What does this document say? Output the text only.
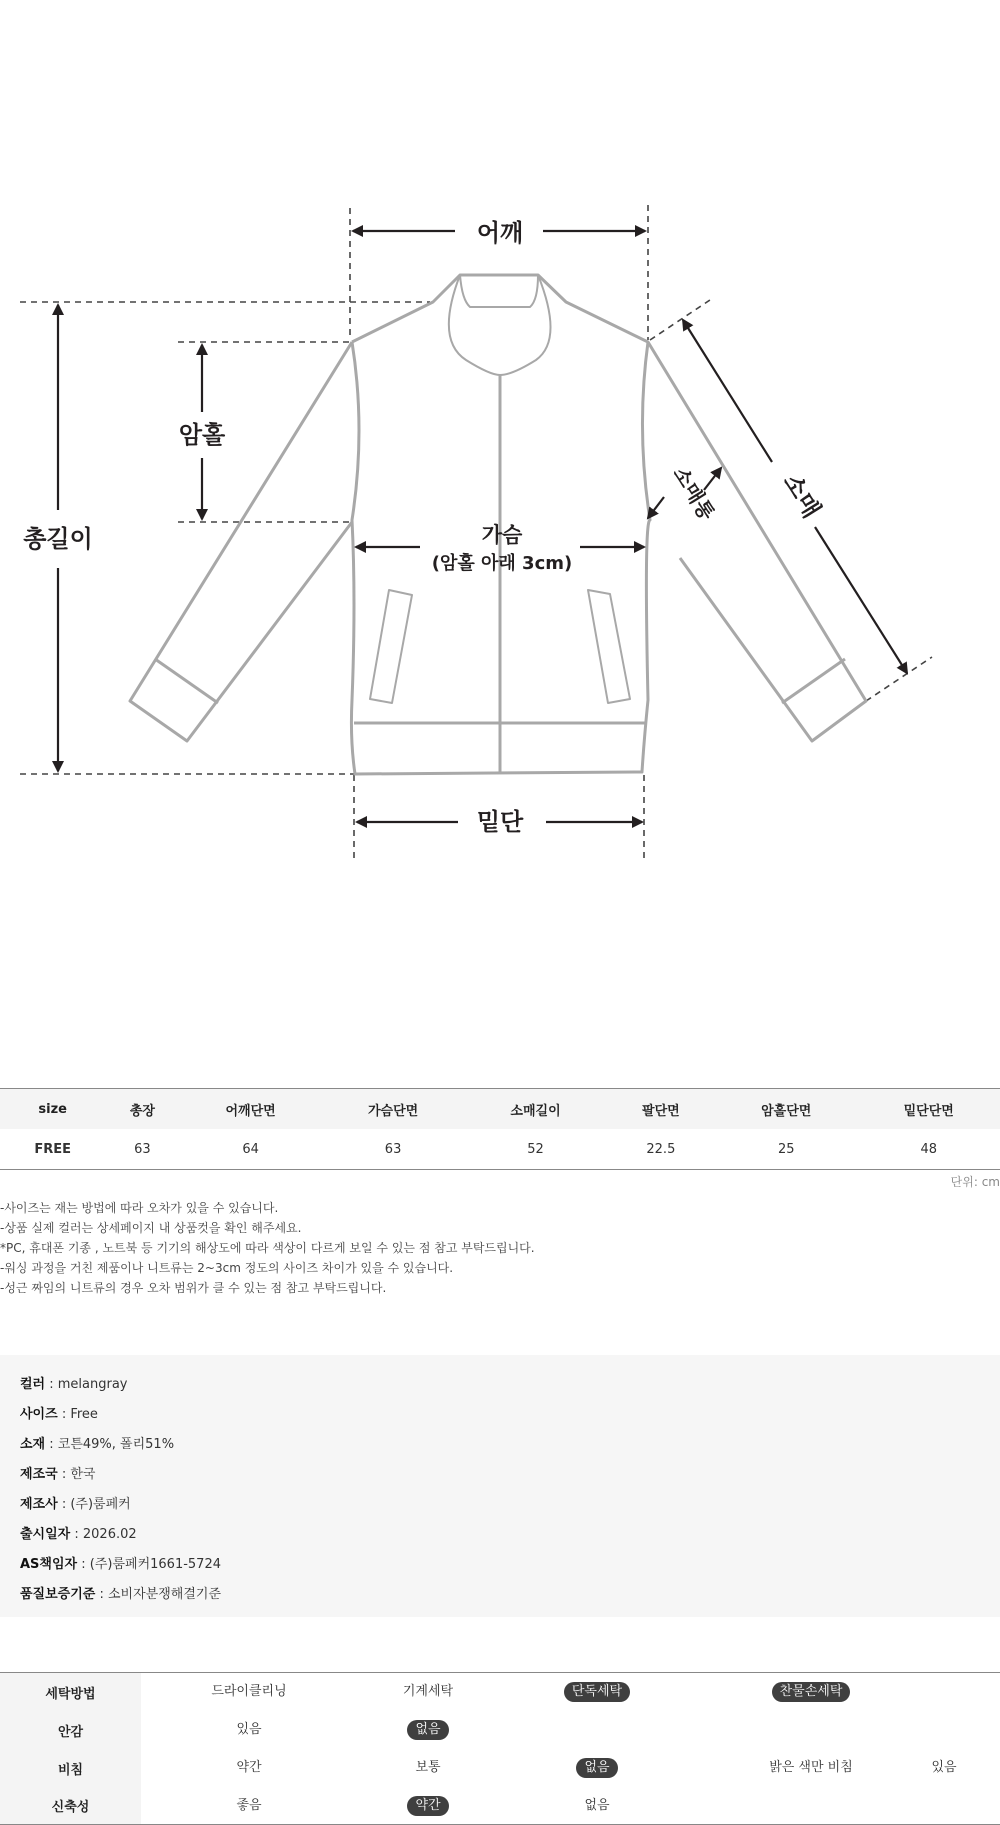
어깨
총길이
암홀
가슴
(암홀 아래 3cm)
밑단
소매
소매통
size	총장	어깨단면	가슴단면	소매길이	팔단면	암홀단면	밑단단면
FREE	63	64	63	52	22.5	25	48
단위: cm
-사이즈는 재는 방법에 따라 오차가 있을 수 있습니다.
-상품 실제 컬러는 상세페이지 내 상품컷을 확인 해주세요.
*PC, 휴대폰 기종 , 노트북 등 기기의 해상도에 따라 색상이 다르게 보일 수 있는 점 참고 부탁드립니다.
-워싱 과정을 거친 제품이나 니트류는 2~3cm 정도의 사이즈 차이가 있을 수 있습니다.
-성근 짜임의 니트류의 경우 오차 범위가 클 수 있는 점 참고 부탁드립니다.
컬러 : melangray
사이즈 : Free
소재 : 코튼49%, 폴리51%
제조국 : 한국
제조사 : (주)룸페커
출시일자 : 2026.02
AS책임자 : (주)룸페커1661-5724
품질보증기준 : 소비자분쟁해결기준
세탁방법	드라이클리닝	기계세탁	단독세탁	찬물손세탁
안감	있음	없음
비침	약간	보통	없음	밝은 색만 비침	있음
신축성	좋음	약간	없음
